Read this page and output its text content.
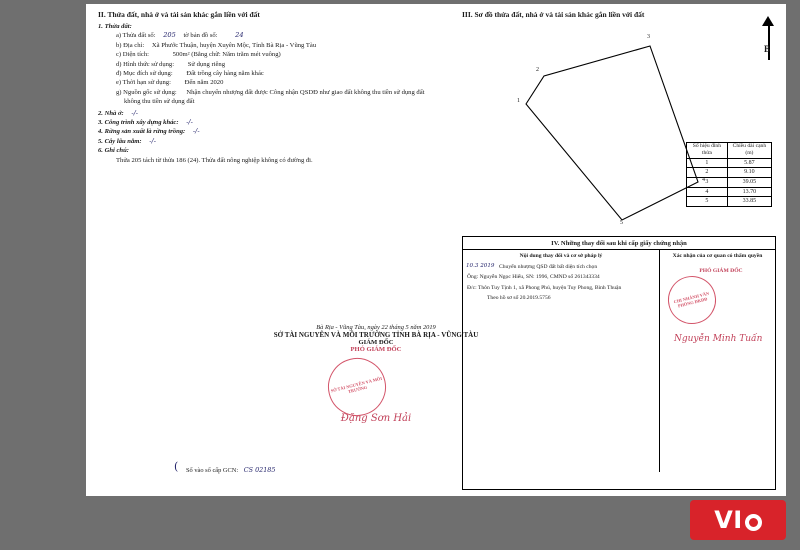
II. Thửa đất, nhà ở và tài sản khác gắn liền với đất
1. Thửa đất:
a) Thửa đất số: 205 tờ bản đồ số:	24
b) Địa chỉ: Xã Phước Thuận, huyện Xuyên Mộc, Tỉnh Bà Rịa - Vũng Tàu
c) Diện tích:	500m² (Bằng chữ: Năm trăm mét vuông)
d) Hình thức sử dụng: Sử dụng riêng
đ) Mục đích sử dụng: Đất trồng cây hàng năm khác
e) Thời hạn sử dụng: Đến năm 2020
g) Nguồn gốc sử dụng: Nhận chuyển nhượng đất được Công nhận QSDĐ như giao đất không thu tiền sử dụng đất
không thu tiền sử dụng đất
2. Nhà ở: -/-
3. Công trình xây dựng khác: -/-
4. Rừng sản xuất là rừng trồng: -/-
5. Cây lâu năm: -/-
6. Ghi chú:
Thửa 205 tách từ thửa 186 (24). Thửa đất nông nghiệp không có đường đi.
III. Sơ đồ thửa đất, nhà ở và tài sản khác gắn liền với đất
B
1
2
3
4
5
Số hiệu đỉnh thửa	Chiều dài cạnh (m)
1	5.87
2	9.10
3	39.05
4	13.70
5	33.85
IV. Những thay đổi sau khi cấp giấy chứng nhận
Nội dung thay đổi và cơ sở pháp lý
10.3 2019 Chuyển nhượng QSD đất bất diện tích chọn
Ông: Nguyễn Ngọc Hiếu, SN: 1996, CMND số 261343334
Đ/c: Thôn Tuy Tịnh 1, xã Phong Phú, huyện Tuy Phong, Bình Thuận
Theo hồ sơ số 20.2019.5756
Xác nhận của cơ quan có thẩm quyền
PHÓ GIÁM ĐỐC
CHI NHÁNH VĂN PHÒNG ĐKĐĐ
Nguyễn Minh Tuấn
Bà Rịa - Vũng Tàu, ngày 22 tháng 5 năm 2019
SỞ TÀI NGUYÊN VÀ MÔI TRƯỜNG TỈNH BÀ RỊA - VŨNG TÀU
GIÁM ĐỐC
PHÓ GIÁM ĐỐC
SỞ TÀI NGUYÊN VÀ MÔI TRƯỜNG
Đặng Sơn Hải
( Số vào sổ cấp GCN: CS 02185
VI
